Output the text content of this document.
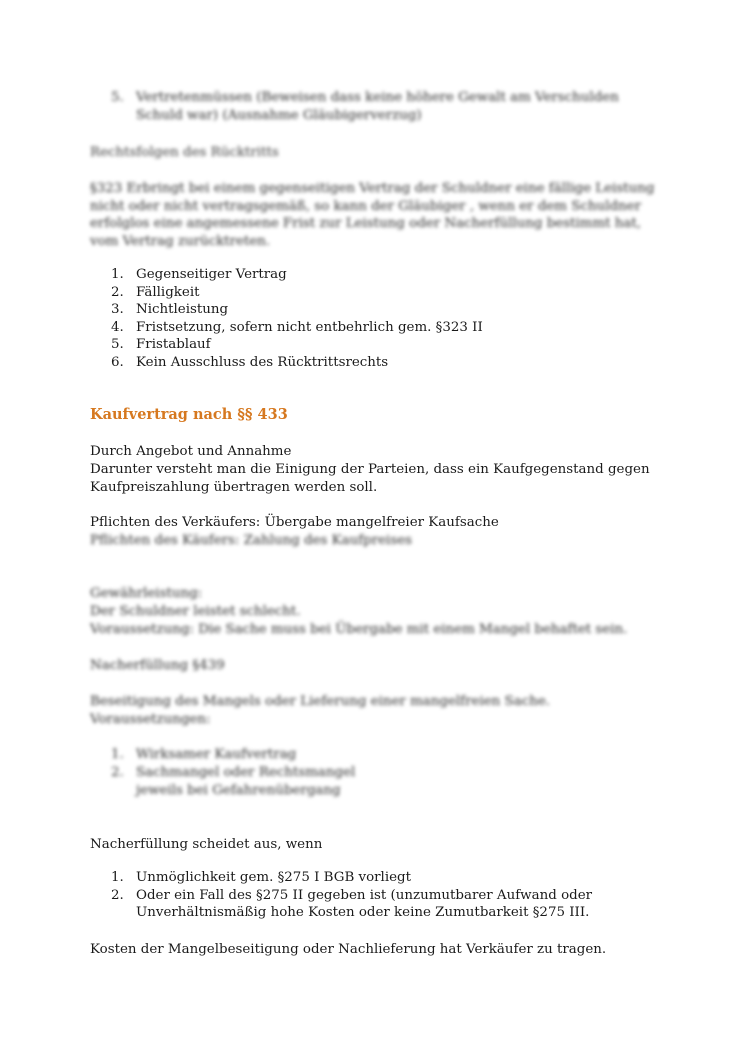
5. Vertretenmüssen (Beweisen dass keine höhere Gewalt am Verschulden Schuld war) (Ausnahme Gläubigerverzug)

Rechtsfolgen des Rücktritts

§323 Erbringt bei einem gegenseitigen Vertrag der Schuldner eine fällige Leistung nicht oder nicht vertragsgemäß, so kann der Gläubiger , wenn er dem Schuldner erfolglos eine angemessene Frist zur Leistung oder Nacherfüllung bestimmt hat, vom Vertrag zurücktreten.

1. Gegenseitiger Vertrag
2. Fälligkeit
3. Nichtleistung
4. Fristsetzung, sofern nicht entbehrlich gem. §323 II
5. Fristablauf
6. Kein Ausschluss des Rücktrittsrechts

Kaufvertrag nach §§ 433

Durch Angebot und Annahme

Darunter versteht man die Einigung der Parteien, dass ein Kaufgegenstand gegen

Kaufpreiszahlung übertragen werden soll.

Pflichten des Verkäufers: Übergabe mangelfreier Kaufsache

Pflichten des Käufers: Zahlung des Kaufpreises

Gewährleistung:

Der Schuldner leistet schlecht.

Voraussetzung: Die Sache muss bei Übergabe mit einem Mangel behaftet sein.

Nacherfüllung §439

Beseitigung des Mangels oder Lieferung einer mangelfreien Sache.

Voraussetzungen:

1. Wirksamer Kaufvertrag
2. Sachmangel oder Rechtsmangel

jeweils bei Gefahrenübergang

Nacherfüllung scheidet aus, wenn

1. Unmöglichkeit gem. §275 I BGB vorliegt
2. Oder ein Fall des §275 II gegeben ist (unzumutbarer Aufwand oder

Unverhältnismäßig hohe Kosten oder keine Zumutbarkeit §275 III.

Kosten der Mangelbeseitigung oder Nachlieferung hat Verkäufer zu tragen.
